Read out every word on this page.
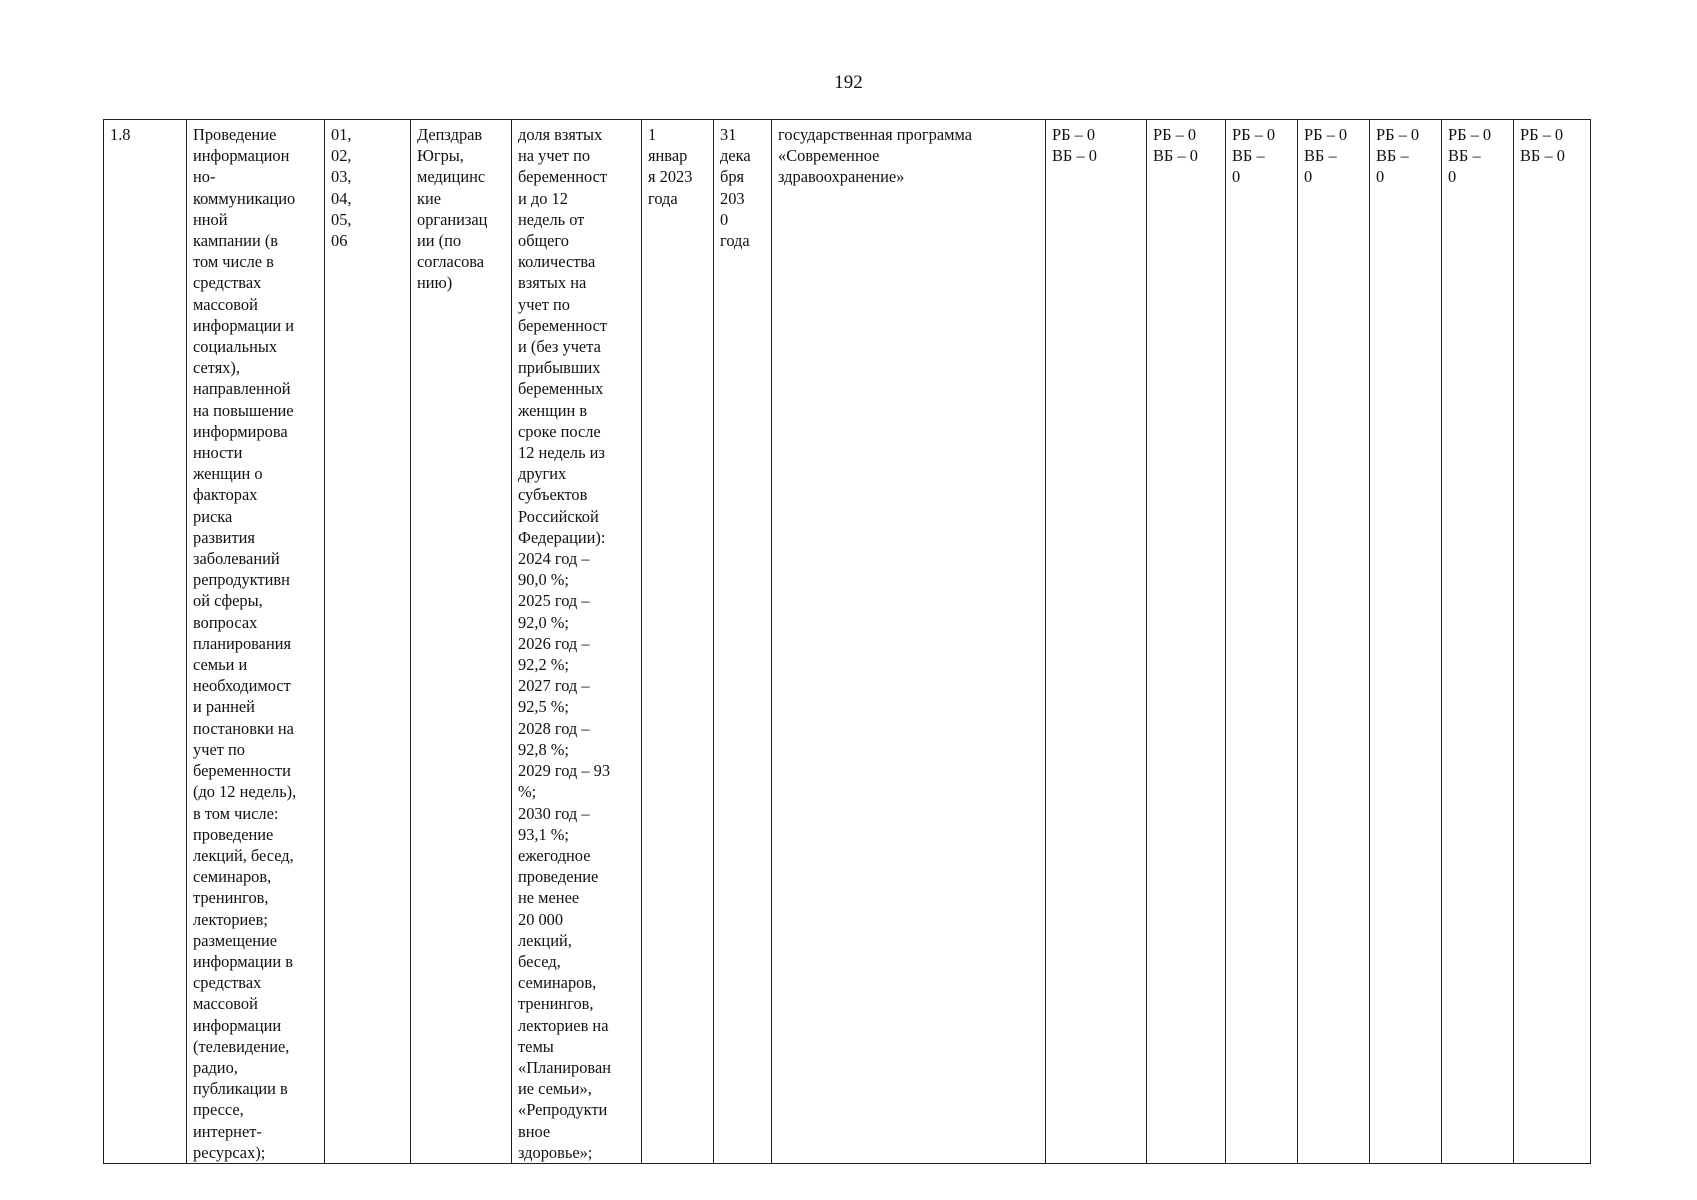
192
1.8	Проведение
информацион
но-
коммуникацио
нной
кампании (в
том числе в
средствах
массовой
информации и
социальных
сетях),
направленной
на повышение
информирова
нности
женщин о
факторах
риска
развития
заболеваний
репродуктивн
ой сферы,
вопросах
планирования
семьи и
необходимост
и ранней
постановки на
учет по
беременности
(до 12 недель),
в том числе:
проведение
лекций, бесед,
семинаров,
тренингов,
лекториев;
размещение
информации в
средствах
массовой
информации
(телевидение,
радио,
публикации в
прессе,
интернет-
ресурсах);	01,
02,
03,
04,
05,
06	Депздрав
Югры,
медицинс
кие
организац
ии (по
согласова
нию)	доля взятых
на учет по
беременност
и до 12
недель от
общего
количества
взятых на
учет по
беременност
и (без учета
прибывших
беременных
женщин в
сроке после
12 недель из
других
субъектов
Российской
Федерации):
2024 год –
90,0 %;
2025 год –
92,0 %;
2026 год –
92,2 %;
2027 год –
92,5 %;
2028 год –
92,8 %;
2029 год – 93
%;
2030 год –
93,1 %;
ежегодное
проведение
не менее
20 000
лекций,
бесед,
семинаров,
тренингов,
лекториев на
темы
«Планирован
ие семьи»,
«Репродукти
вное
здоровье»;	1
январ
я 2023
года	31
дека
бря
203
0
года	государственная программа
«Современное
здравоохранение»	РБ – 0
ВБ – 0	РБ – 0
ВБ – 0	РБ – 0
ВБ –
0	РБ – 0
ВБ –
0	РБ – 0
ВБ –
0	РБ – 0
ВБ –
0	РБ – 0
ВБ – 0
